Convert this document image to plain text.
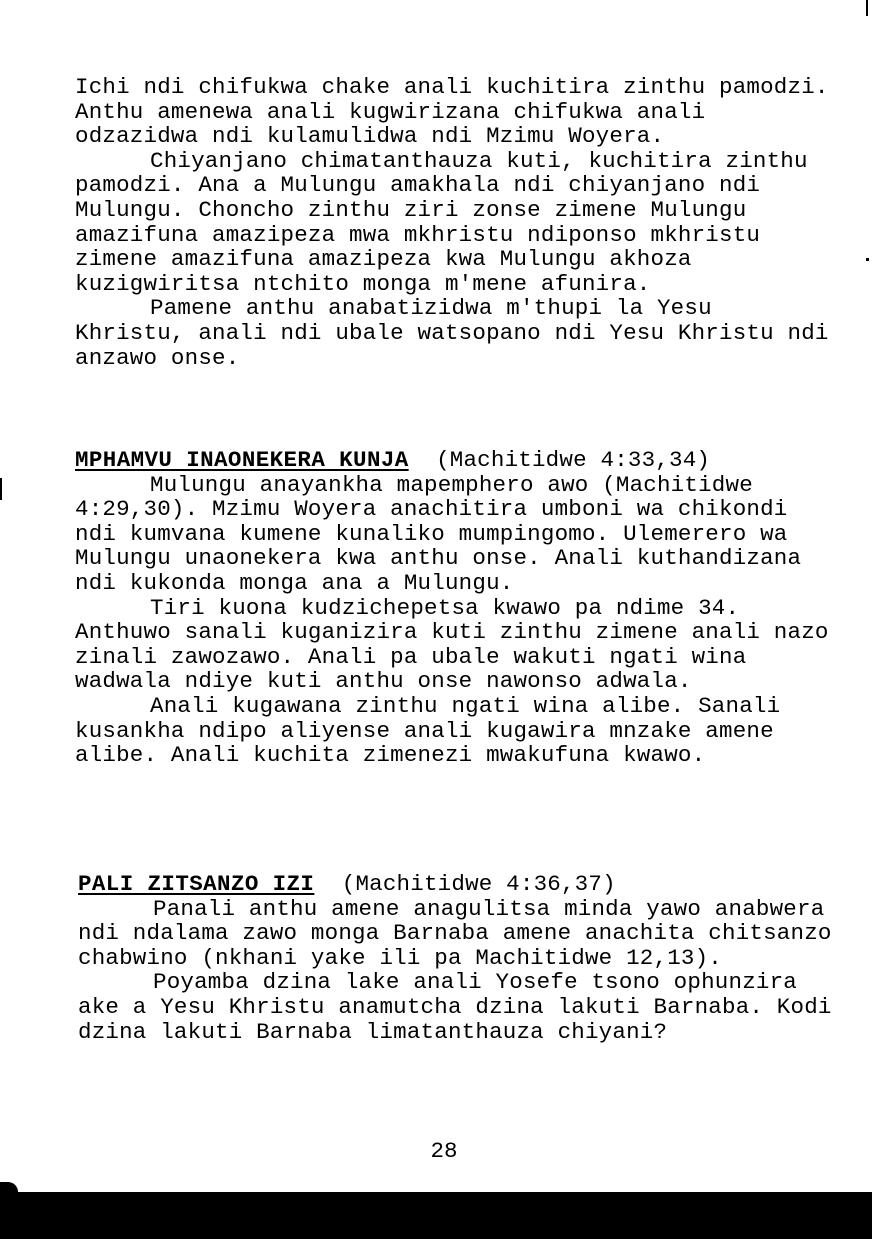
Ichi ndi chifukwa chake anali kuchitira zinthu pamodzi. Anthu amenewa anali kugwirizana chifukwa anali odzazidwa ndi kulamulidwa ndi Mzimu Woyera.

Chiyanjano chimatanthauza kuti, kuchitira zinthu pamodzi. Ana a Mulungu amakhala ndi chiyanjano ndi Mulungu. Choncho zinthu ziri zonse zimene Mulungu amazifuna amazipeza mwa mkhristu ndiponso mkhristu zimene amazifuna amazipeza kwa Mulungu akhoza kuzigwiritsa ntchito monga m'mene afunira.

Pamene anthu anabatizidwa m'thupi la Yesu Khristu, anali ndi ubale watsopano ndi Yesu Khristu ndi anzawo onse.

MPHAMVU INAONEKERA KUNJA (Machitidwe 4:33,34)

Mulungu anayankha mapemphero awo (Machitidwe 4:29,30). Mzimu Woyera anachitira umboni wa chikondi ndi kumvana kumene kunaliko mumpingomo. Ulemerero wa Mulungu unaonekera kwa anthu onse. Anali kuthandizana ndi kukonda monga ana a Mulungu.

Tiri kuona kudzichepetsa kwawo pa ndime 34. Anthuwo sanali kuganizira kuti zinthu zimene anali nazo zinali zawozawo. Anali pa ubale wakuti ngati wina wadwala ndiye kuti anthu onse nawonso adwala.

Anali kugawana zinthu ngati wina alibe. Sanali kusankha ndipo aliyense anali kugawira mnzake amene alibe. Anali kuchita zimenezi mwakufuna kwawo.

PALI ZITSANZO IZI (Machitidwe 4:36,37)

Panali anthu amene anagulitsa minda yawo anabwera ndi ndalama zawo monga Barnaba amene anachita chitsanzo chabwino (nkhani yake ili pa Machitidwe 12,13).

Poyamba dzina lake anali Yosefe tsono ophunzira ake a Yesu Khristu anamutcha dzina lakuti Barnaba. Kodi dzina lakuti Barnaba limatanthauza chiyani?

28
